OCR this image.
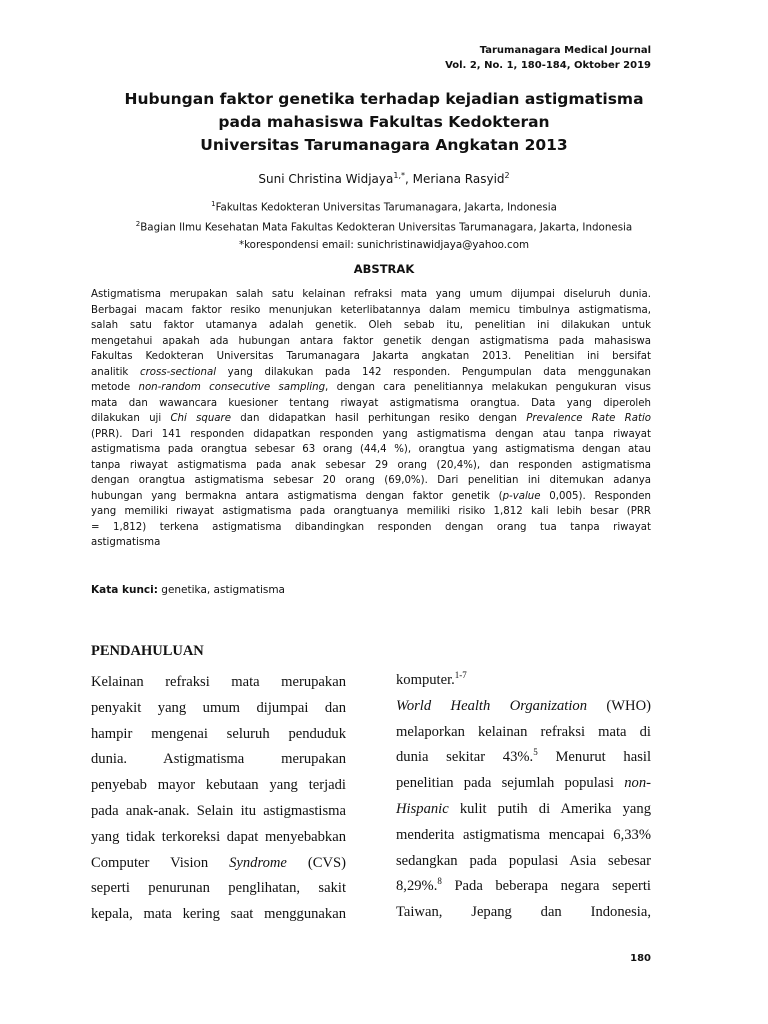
Tarumanagara Medical Journal
Vol. 2, No. 1, 180-184, Oktober 2019
Hubungan faktor genetika terhadap kejadian astigmatisma
pada mahasiswa Fakultas Kedokteran
Universitas Tarumanagara Angkatan 2013
Suni Christina Widjaya$^{1,*}$, Meriana Rasyid$^2$
$^1$Fakultas Kedokteran Universitas Tarumanagara, Jakarta, Indonesia
$^2$Bagian Ilmu Kesehatan Mata Fakultas Kedokteran Universitas Tarumanagara, Jakarta, Indonesia
*korespondensi email: sunichristinawidjaya@yahoo.com
ABSTRAK
Astigmatisma merupakan salah satu kelainan refraksi mata yang umum dijumpai diseluruh dunia.
Berbagai macam faktor resiko menunjukan keterlibatannya dalam memicu timbulnya astigmatisma,
salah satu faktor utamanya adalah genetik. Oleh sebab itu, penelitian ini dilakukan untuk
mengetahui apakah ada hubungan antara faktor genetik dengan astigmatisma pada mahasiswa
Fakultas Kedokteran Universitas Tarumanagara Jakarta angkatan 2013. Penelitian ini bersifat
analitik cross-sectional yang dilakukan pada 142 responden. Pengumpulan data menggunakan
metode non-random consecutive sampling, dengan cara penelitiannya melakukan pengukuran visus
mata dan wawancara kuesioner tentang riwayat astigmatisma orangtua. Data yang diperoleh
dilakukan uji Chi square dan didapatkan hasil perhitungan resiko dengan Prevalence Rate Ratio
(PRR). Dari 141 responden didapatkan responden yang astigmatisma dengan atau tanpa riwayat
astigmatisma pada orangtua sebesar 63 orang (44,4 %), orangtua yang astigmatisma dengan atau
tanpa riwayat astigmatisma pada anak sebesar 29 orang (20,4%), dan responden astigmatisma
dengan orangtua astigmatisma sebesar 20 orang (69,0%). Dari penelitian ini ditemukan adanya
hubungan yang bermakna antara astigmatisma dengan faktor genetik (p-value 0,005). Responden
yang memiliki riwayat astigmatisma pada orangtuanya memiliki risiko 1,812 kali lebih besar (PRR
= 1,812) terkena astigmatisma dibandingkan responden dengan orang tua tanpa riwayat
astigmatisma
Kata kunci: genetika, astigmatisma
PENDAHULUAN
Kelainan refraksi mata merupakan
penyakit yang umum dijumpai dan
hampir mengenai seluruh penduduk
dunia. Astigmatisma merupakan
penyebab mayor kebutaan yang terjadi
pada anak-anak. Selain itu astigmastisma
yang tidak terkoreksi dapat menyebabkan
Computer Vision Syndrome (CVS)
seperti penurunan penglihatan, sakit
kepala, mata kering saat menggunakan
komputer.$^{1-7}$
World Health Organization (WHO)
melaporkan kelainan refraksi mata di
dunia sekitar 43%.$^5$ Menurut hasil
penelitian pada sejumlah populasi non-
Hispanic kulit putih di Amerika yang
menderita astigmatisma mencapai 6,33%
sedangkan pada populasi Asia sebesar
8,29%.$^8$ Pada beberapa negara seperti
Taiwan, Jepang dan Indonesia,
180
